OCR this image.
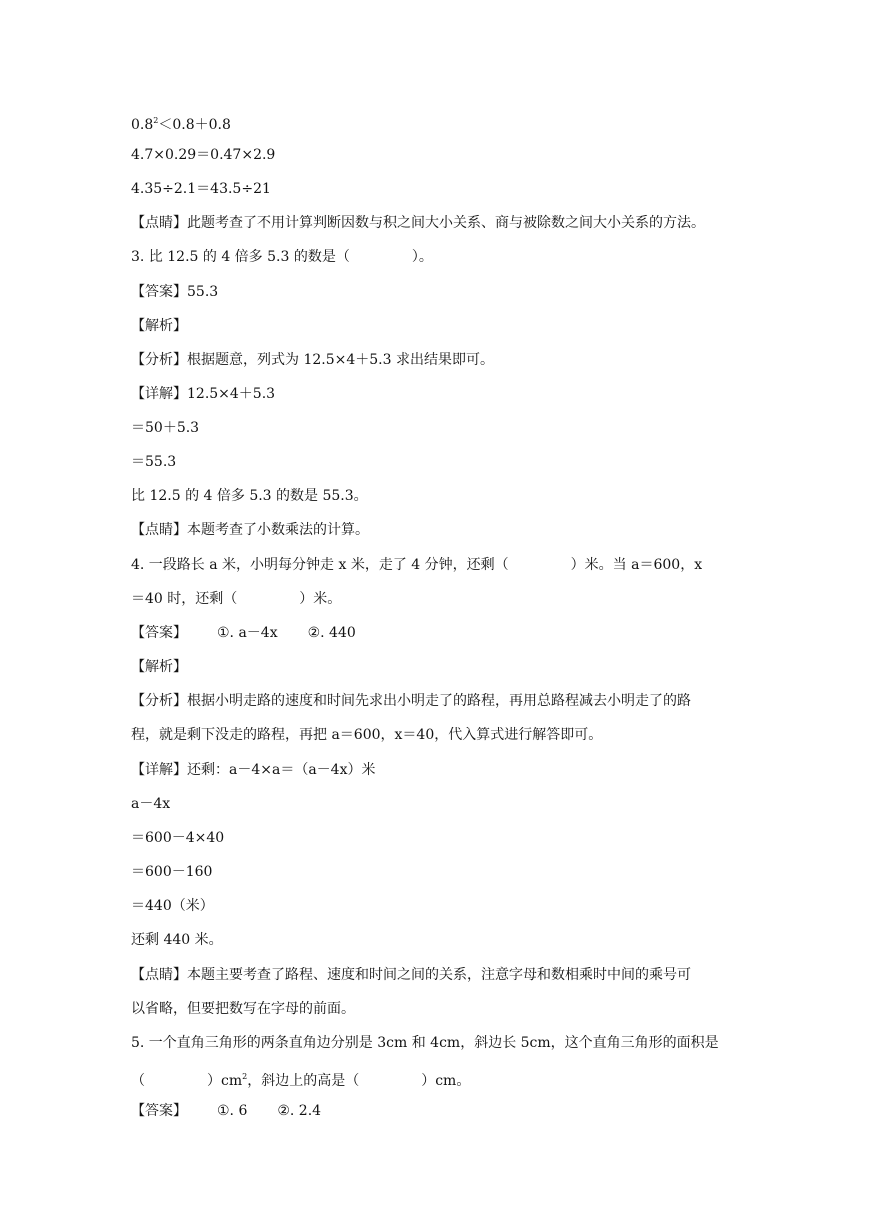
$0.8^2<0.8+0.8$
4.7×0.29＝0.47×2.9
4.35÷2.1＝43.5÷21
【点睛】此题考查了不用计算判断因数与积之间大小关系、商与被除数之间大小关系的方法。
3. 比 12.5 的 4 倍多 5.3 的数是（	）。
【答案】55.3
【解析】
【分析】根据题意，列式为 12.5×4＋5.3 求出结果即可。
【详解】12.5×4＋5.3
＝50＋5.3
＝55.3
比 12.5 的 4 倍多 5.3 的数是 55.3。
【点睛】本题考查了小数乘法的计算。
4. 一段路长 a 米，小明每分钟走 x 米，走了 4 分钟，还剩（	）米。当 a＝600，x
＝40 时，还剩（	）米。
【答案】 ①. a－4x ②. 440
【解析】
【分析】根据小明走路的速度和时间先求出小明走了的路程，再用总路程减去小明走了的路
程，就是剩下没走的路程，再把 a＝600，x＝40，代入算式进行解答即可。
【详解】还剩：a－4×a＝（a－4x）米
a－4x
＝600－4×40
＝600－160
＝440（米）
还剩 440 米。
【点睛】本题主要考查了路程、速度和时间之间的关系，注意字母和数相乘时中间的乘号可
以省略，但要把数写在字母的前面。
5. 一个直角三角形的两条直角边分别是 3cm 和 4cm，斜边长 5cm，这个直角三角形的面积是
（	）$cm^2$，斜边上的高是（	）cm。
【答案】 ①. 6 ②. 2.4
